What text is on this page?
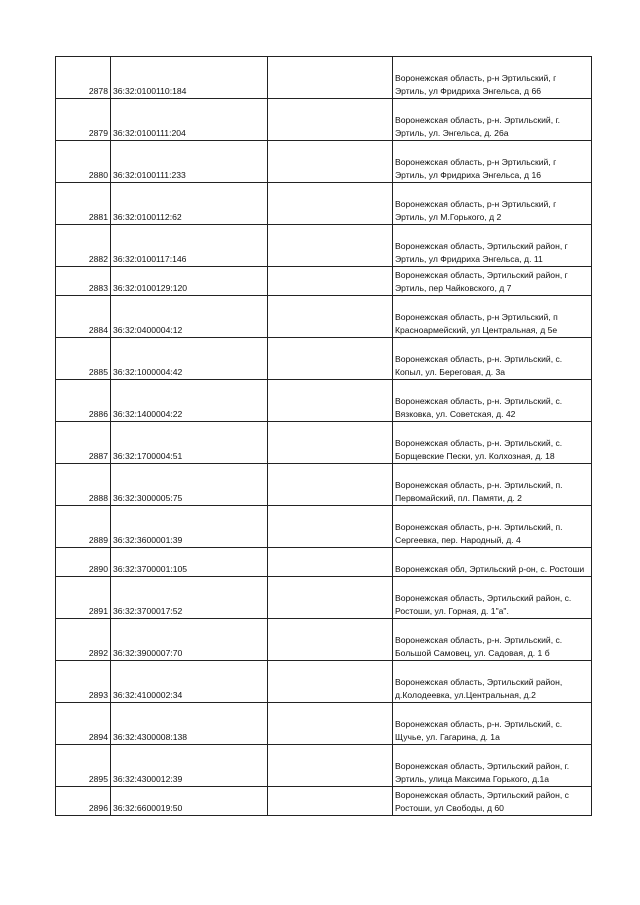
2878	36:32:0100110:184		Воронежская область, р-н Эртильский, г Эртиль, ул Фридриха Энгельса, д 66
2879	36:32:0100111:204		Воронежская область, р-н. Эртильский, г. Эртиль, ул. Энгельса, д. 26а
2880	36:32:0100111:233		Воронежская область, р-н Эртильский, г Эртиль, ул Фридриха Энгельса, д 16
2881	36:32:0100112:62		Воронежская область, р-н Эртильский, г Эртиль, ул М.Горького, д 2
2882	36:32:0100117:146		Воронежская область, Эртильский район, г Эртиль, ул Фридриха Энгельса, д. 11
2883	36:32:0100129:120		Воронежская область, Эртильский район, г Эртиль, пер Чайковского, д 7
2884	36:32:0400004:12		Воронежская область, р-н Эртильский, п Красноармейский, ул Центральная, д 5е
2885	36:32:1000004:42		Воронежская область, р-н. Эртильский, с. Копыл, ул. Береговая, д. 3а
2886	36:32:1400004:22		Воронежская область, р-н. Эртильский, с. Вязковка, ул. Советская, д. 42
2887	36:32:1700004:51		Воронежская область, р-н. Эртильский, с. Борщевские Пески, ул. Колхозная, д. 18
2888	36:32:3000005:75		Воронежская область, р-н. Эртильский, п. Первомайский, пл. Памяти, д. 2
2889	36:32:3600001:39		Воронежская область, р-н. Эртильский, п. Сергеевка, пер. Народный, д. 4
2890	36:32:3700001:105		Воронежская обл, Эртильский р-он, с. Ростоши
2891	36:32:3700017:52		Воронежская область, Эртильский район, с. Ростоши, ул. Горная, д. 1"а".
2892	36:32:3900007:70		Воронежская область, р-н. Эртильский, с. Большой Самовец, ул. Садовая, д. 1 б
2893	36:32:4100002:34		Воронежская область, Эртильский район, д.Колодеевка, ул.Центральная, д.2
2894	36:32:4300008:138		Воронежская область, р-н. Эртильский, с. Щучье, ул. Гагарина, д. 1а
2895	36:32:4300012:39		Воронежская область, Эртильский район, г. Эртиль, улица Максима Горького, д.1а
2896	36:32:6600019:50		Воронежская область, Эртильский район, с Ростоши, ул Свободы, д 60
